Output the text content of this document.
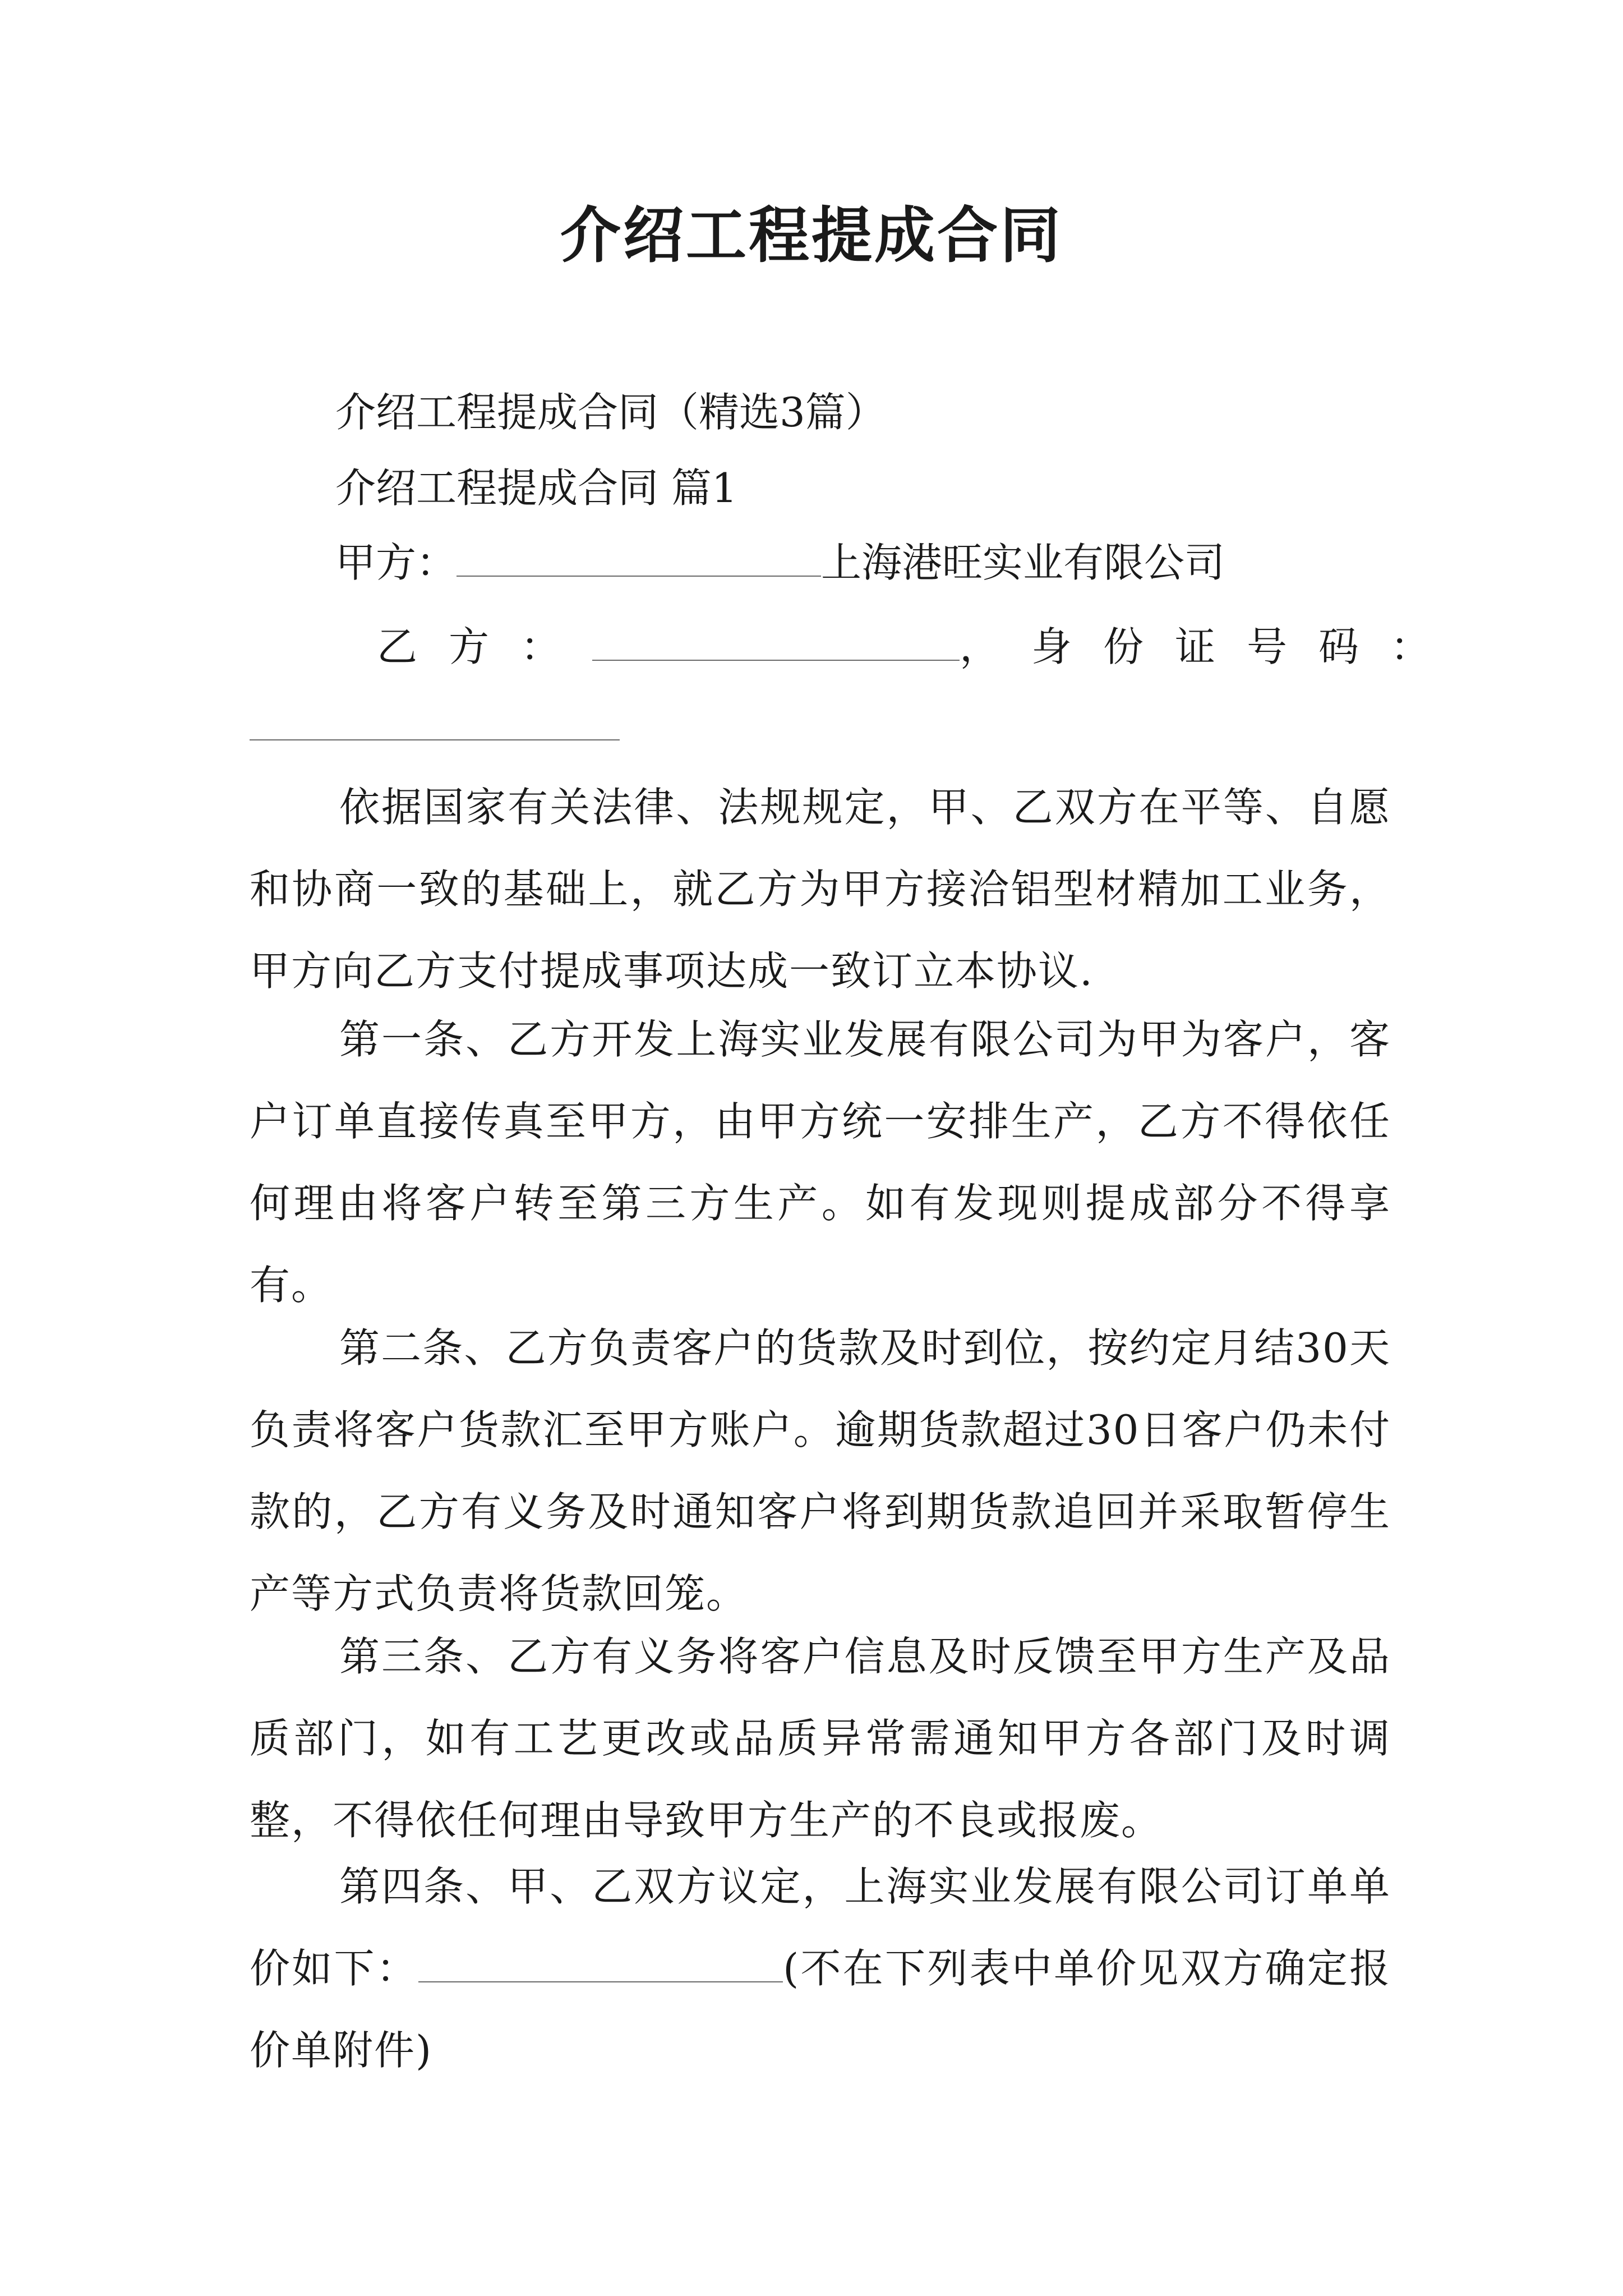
介绍工程提成合同
介绍工程提成合同（精选3篇）
介绍工程提成合同 篇1
甲方：	上海港旺实业有限公司
乙方：	，身份证号码：

依据国家有关法律、法规规定，甲、乙双方在平等、自愿和协商一致的基础上，就乙方为甲方接洽铝型材精加工业务，甲方向乙方支付提成事项达成一致订立本协议.

第一条、乙方开发上海实业发展有限公司为甲为客户，客户订单直接传真至甲方，由甲方统一安排生产，乙方不得依任何理由将客户转至第三方生产。如有发现则提成部分不得享有。

第二条、乙方负责客户的货款及时到位，按约定月结30天负责将客户货款汇至甲方账户。逾期货款超过30日客户仍未付款的，乙方有义务及时通知客户将到期货款追回并采取暂停生产等方式负责将货款回笼。

第三条、乙方有义务将客户信息及时反馈至甲方生产及品质部门，如有工艺更改或品质异常需通知甲方各部门及时调整，不得依任何理由导致甲方生产的不良或报废。

第四条、甲、乙双方议定，上海实业发展有限公司订单单价如下：	(不在下列表中单价见双方确定报价单附件)
